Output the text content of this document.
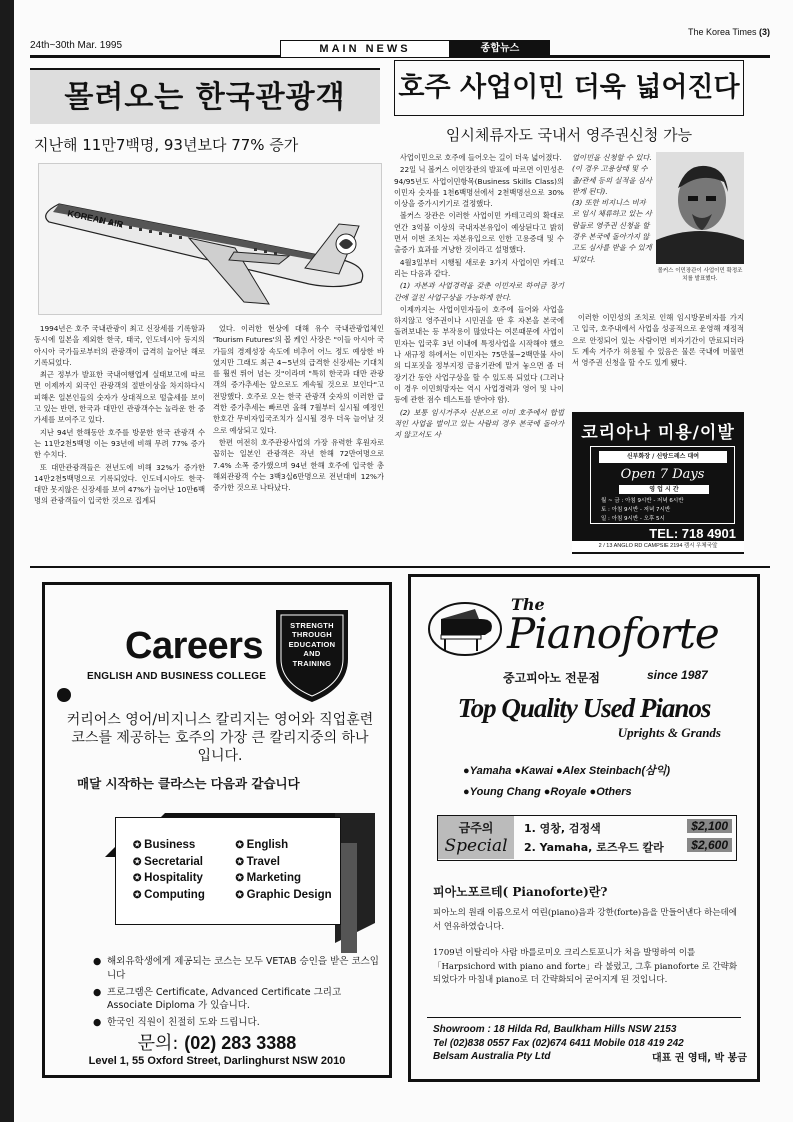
24th~30th Mar. 1995
The Korea Times (3)
MAIN NEWS	종합뉴스
몰려오는 한국관광객
지난해 11만7백명, 93년보다 77% 증가
KOREAN AIR

1994년은 호주 국내관광이 최고 신장세를 기록함과 동시에 일본을 제외한 한국, 태국, 인도네시아 등지의 아시아 국가들로부터의 관광객이 급격히 늘어난 해로 기록되었다.

최근 정부가 발표한 국내여행업계 실태보고에 따르면 이제까지 외국인 관광객의 절반이상을 차지하다시피해온 일본인들의 숫자가 상대적으로 떨출세를 보이고 있는 반면, 한국과 대만인 관광객수는 놀라운 한 증가세를 보여주고 있다.

지난 94년 한해동안 호주를 방문한 한국 관광객 수는 11만2천5백명 이는 93년에 비해 무려 77% 증가한 수치다.

또 대만관광객들은 전년도에 비해 32%가 증가한 14만2천5백명으로 기록되었다. 인도네시아도 한국·대만 못지않은 신장세를 보여 47%가 늘어난 10만6백명의 관광객들이 입국한 것으로 집계되

었다. 이러한 현상에 대해 유수 국내관광업체인 'Tourism Futures'의 봅 케인 사장은 "이들 아시아 국가들의 경제성장 속도에 비추어 어느 정도 예상한 바였지만 그래도 최근 4~5년의 급격한 신장세는 기대치를 훨씬 뛰어 넘는 것"이라며 "특히 한국과 대만 관광객의 증가추세는 앞으로도 계속될 것으로 보인다"고 전망했다. 호주로 오는 한국 관광객 숫자의 이러한 급격한 증가추세는 빠르면 올해 7월부터 실시될 예정인 한호간 무비자입국조치가 실시될 경우 더욱 늘어날 것으로 예상되고 있다.

한편 여전히 호주관광사업의 가장 유력한 후원자로 꼽히는 일본인 관광객은 작년 한해 72만여명으로 7.4% 소폭 증가했으며 94년 한해 호주에 입국한 총 해외관광객 수는 3백3십6만명으로 전년대비 12%가 증가한 것으로 나타났다.

호주 사업이민 더욱 넓어진다
임시체류자도 국내서 영주권신청 가능

사업이민으로 호주에 들어오는 길이 더욱 넓어졌다.

22일 닉 볼커스 이민장관의 발표에 따르면 이민성은 94/95년도 사업이민항목(Business Skills Class)의 이민자 숫자를 1천6백명선에서 2천백명선으로 30% 이상을 증가시키기로 결정했다.

볼커스 장관은 이러한 사업이민 카테고리의 확대로 연간 3억불 이상의 국내자본유입이 예상된다고 밝히면서 이번 조치는 자본유입으로 인한 고용증대 및 수출증가 효과를 겨냥한 것이라고 설명했다.

4월3일부터 시행될 새로운 3가지 사업이민 카테고리는 다음과 같다.

(1) 자본과 사업경력을 갖춘 이민자로 하여금 장기간에 걸친 사업구상을 가능하게 한다.

이제까지는 사업이민자들이 호주에 들어와 사업을 하지않고 영주권이나 시민권을 딴 후 자본을 본국에 돌려보내는 등 부작용이 많았다는 여론때문에 사업이민자는 입국후 3년 이내에 특정사업을 시작해야 했으나 새규정 하에서는 이민자는 75만불~2백만불 사이의 디포짓을 정부지정 금융기관에 맡겨 놓으면 좀 더 장기간 동안 사업구상을 할 수 있도록 되었다 (그러나 이 경우 이민희망자는 역시 사업경력과 영어 및 나이 등에 관한 점수 테스트를 받아야 함).

(2) 보통 임시거주자 신분으로 이미 호주에서 합법적인 사업을 벌이고 있는 사람의 경우 본국에 돌아가지 않고서도 사

업이민을 신청할 수 있다. (이 경우 고용상태 및 수출/관세 등의 실적을 심사받게 된다).
(3) 또한 비지니스 비자로 임시 체류하고 있는 사람들로 영주권 신청을 할 경우 본국에 돌아가지 않고도 심사를 받을 수 있게되었다.
볼커스 이민장관이 사업이민 확정조치를 발표했다.

이러한 이민성의 조치로 인해 임시방문비자를 가지고 입국, 호주내에서 사업을 성공적으로 운영해 재정적으로 안정되어 있는 사람이면 비자기간이 만료되더라도 계속 거주가 허용될 수 있음은 물론 국내에 머물면서 영주권 신청을 할 수도 있게 됐다.

코리아나 미용/이발
신부화장 / 신랑드레스 대여
Open 7 Days
영 업 시 간
월 ~ 금 : 아침 9시반 - 저녁 6시반
토 : 아침 9시반 - 저녁 7시반
일 : 아침 9시반 - 오후 5시
TEL: 718 4901
2 / 13 ANGLO RD CAMPSIE 2194 캠시 우체국앞
Careers	STRENGTH
THROUGH
EDUCATION
AND
TRAINING
ENGLISH AND BUSINESS COLLEGE
커리어스 영어/비지니스 칼리지는 영어와 직업훈련코스를 제공하는 호주의 가장 큰 칼리지중의 하나입니다.
매달 시작하는 클라스는 다음과 같습니다
✪ Business	✪ English
✪ Secretarial	✪ Travel
✪ Hospitality	✪ Marketing
✪ Computing	✪ Graphic Design
● 해외유학생에게 제공되는 코스는 모두 VETAB 승인을 받은 코스입니다
● 프로그램은 Certificate, Advanced Certificate 그리고 Associate Diploma 가 있습니다.
● 한국인 직원이 친절히 도와 드립니다.
문의: (02) 283 3388
Level 1, 55 Oxford Street, Darlinghurst NSW 2010
The
Pianoforte
중고피아노 전문점	since 1987
Top Quality Used Pianos
Uprights & Grands
●Yamaha ●Kawai ●Alex Steinbach(삼익)
●Young Chang ●Royale ●Others
금주의
Special
1. 영창, 검정색	$2,100
2. Yamaha, 로즈우드 칼라	$2,600
피아노포르테( Pianoforte)란?
피아노의 원래 이름으로서 여린(piano)음과 강한(forte)음을 만들어낸다 하는데에서 연유하였습니다.
1709년 이탈리아 사람 바를로미오 크리스토포니가 처음 발명하여 이를 「Harpsichord with piano and forte」라 불렀고, 그후 pianoforte 로 간략화 되었다가 마침내 piano로 더 간략화되어 굳어지게 된 것입니다.
Showroom : 18 Hilda Rd, Baulkham Hills NSW 2153
Tel (02)838 0557 Fax (02)674 6411 Mobile 018 419 242
Belsam Australia Pty Ltd	대표 권 영태, 박 봉금
